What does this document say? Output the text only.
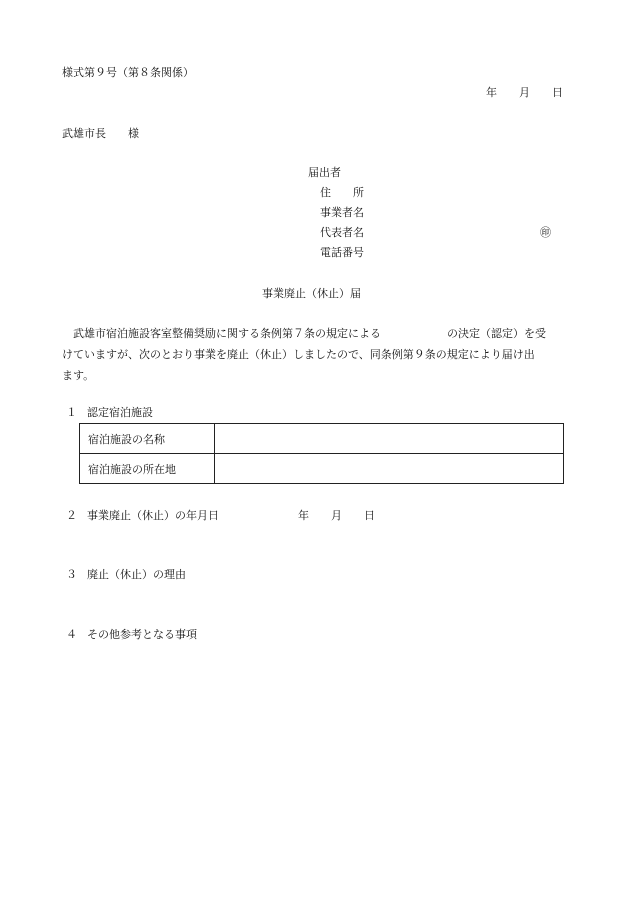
様式第９号（第８条関係）
年　　月　　日
武雄市長　　様
届出者
住　　所
事業者名
代表者名	㊞
電話番号
事業廃止（休止）届

　武雄市宿泊施設客室整備奨励に関する条例第７条の規定による　　　　　　の決定（認定）を受

けていますが、次のとおり事業を廃止（休止）しましたので、同条例第９条の規定により届け出

ます。

１ 認定宿泊施設
宿泊施設の名称	
宿泊施設の所在地	
２ 事業廃止（休止）の年月日	年　　月　　日
３ 廃止（休止）の理由
４ その他参考となる事項
